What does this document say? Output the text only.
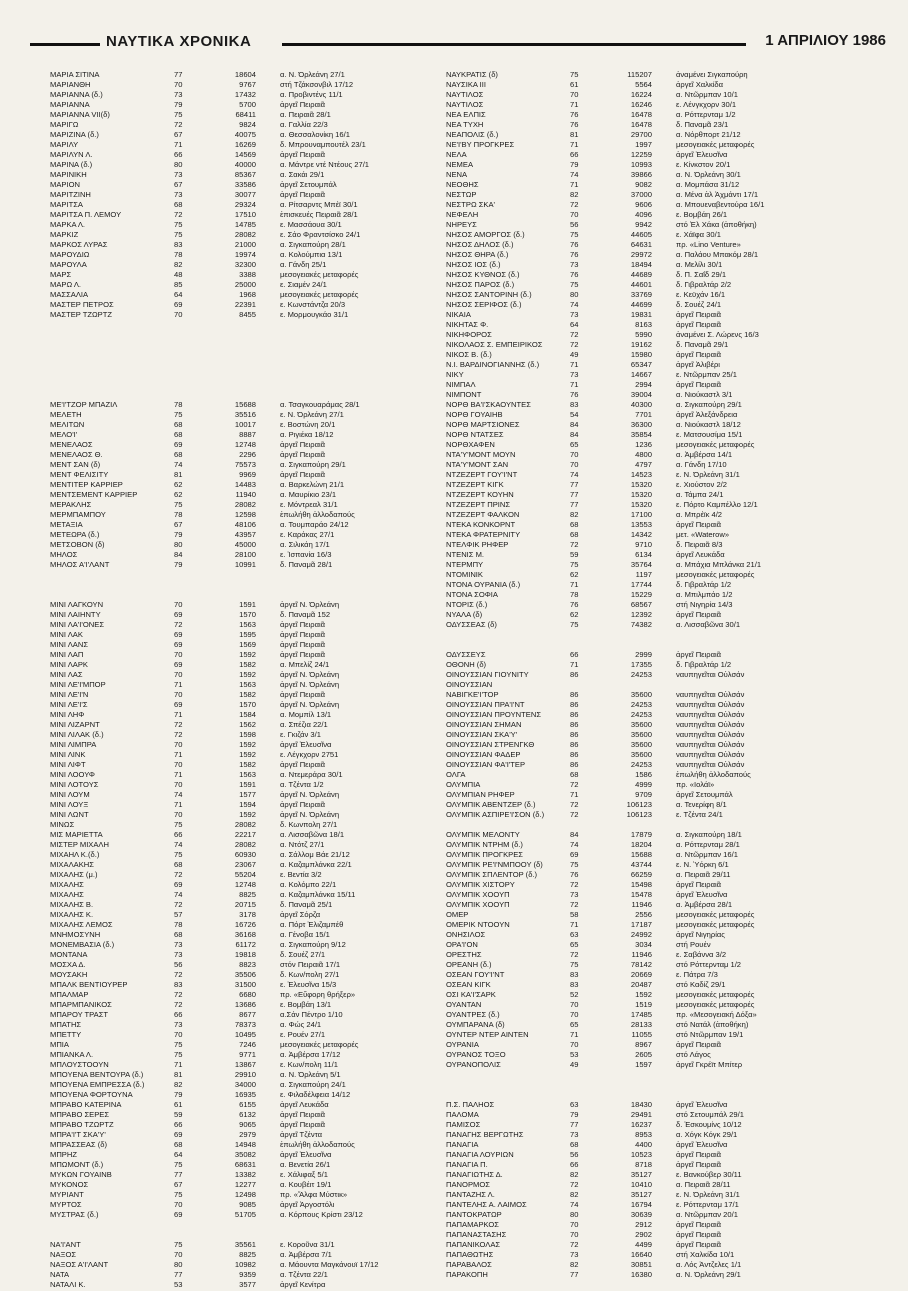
ΝΑΥΤΙΚΑ ΧΡΟΝΙΚΑ	1 ΑΠΡΙΛΙΟΥ 1986
ΜΑΡΙΑ ΣΙΤΙΝΑ	77	18604	α. Ν. Όρλεάνη 27/1
ΜΑΡΙΑΝΘΗ	70	9767	στή Τζάκσονβιλ 17/12
ΜΑΡΙΑΝΝΑ (δ.)	73	17432	α. Προβιντένς 11/1
ΜΑΡΙΑΝΝΑ	79	5700	ἀργεῖ Πειραιᾶ
ΜΑΡΙΑΝΝΑ VII(δ)	75	68411	α. Πειραιᾶ 28/1
ΜΑΡΙΓΩ	72	9824	α. Γαλλία 22/3
ΜΑΡΙΖΙΝΑ (δ.)	67	40075	α. Θεσσαλονίκη 16/1
ΜΑΡΙΛΥ	71	16269	δ. Μπρουναμπουτέλ 23/1
ΜΑΡΙΛΥΝ Λ.	66	14569	ἀργεῖ Πειραιᾶ
ΜΑΡΙΝΑ (δ.)	80	40000	α. Μάντρε ντέ Ντέους 27/1
ΜΑΡΙΝΙΚΗ	73	85367	α. Σακάι 29/1
ΜΑΡΙΟΝ	67	33586	ἀργεῖ Σετουμπάλ
ΜΑΡΙΤΖΙΝΗ	73	30077	ἀργεῖ Πειραιᾶ
ΜΑΡΙΤΣΑ	68	29324	α. Ρίτσαρντς Μπέϊ 30/1
ΜΑΡΙΤΣΑ Π. ΛΕΜΟΥ	72	17510	ἐπισκευές Πειραιᾶ 28/1
ΜΑΡΚΑ Λ.	75	14785	ε. Μασσάουα 30/1
ΜΑΡΚΙΖ	75	28082	ε. Σάο Φραντσίσκο 24/1
ΜΑΡΚΟΣ ΛΥΡΑΣ	83	21000	α. Σιγκαπούρη 28/1
ΜΑΡΟΥΔΙΩ	78	19974	α. Κολούμπια 13/1
ΜΑΡΟΥΛΑ	82	32300	α. Γάνδη 25/1
ΜΑΡΣ	48	3388	μεσογειακές μεταφορές
ΜΑΡΩ Λ.	85	25000	ε. Σιαμέν 24/1
ΜΑΣΣΑΛΙΑ	64	1968	μεσογειακές μεταφορές
ΜΑΣΤΕΡ ΠΕΤΡΟΣ	69	22391	ε. Κωνστάντζα 20/3
ΜΑΣΤΕΡ ΤΖΩΡΤΖ	70	8455	ε. Μορμουγκάο 31/1
ΜΕ'Ι'ΤΖΟΡ ΜΠΑΖΙΛ	78	15688	α. Τσαγκουαράμας 28/1
ΜΕΛΕΤΗ	75	35516	ε. Ν. Όρλεάνη 27/1
ΜΕΛΙΤΩΝ	68	10017	ε. Βοστώνη 20/1
ΜΕΛΟ'Ι'	68	8887	α. Ριγιέκα 18/12
ΜΕΝΕΛΑΟΣ	69	12748	ἀργεῖ Πειραιᾶ
ΜΕΝΕΛΑΟΣ Θ.	68	2296	ἀργεῖ Πειραιᾶ
ΜΕΝΤ ΣΑΝ (δ)	74	75573	α. Σιγκαπούρη 29/1
ΜΕΝΤ ΦΕΛΙΣΙΤΥ	81	9969	ἀργεῖ Πειραιᾶ
ΜΕΝΤΙΤΕΡ ΚΑΡΡΙΕΡ	62	14483	α. Βαρκελώνη 21/1
ΜΕΝΤΣΕΜΕΝΤ ΚΑΡΡΙΕΡ	62	11940	α. Μαυρίκιο 23/1
ΜΕΡΑΚΛΗΣ	75	28082	ε. Μόντρεαλ 31/1
ΜΕΡΜΠΑΜΠΟΥ	78	12598	ἐπωλήθη ἀλλοδαπούς
ΜΕΤΑΞΙΑ	67	48106	α. Τουμπαράο 24/12
ΜΕΤΕΩΡΑ (δ.)	79	43957	ε. Καράκας 27/1
ΜΕΤΣΟΒΟΝ (δ)	80	45000	α. Σιλικάη 17/1
ΜΗΛΟΣ	84	28100	ε. Ἰσπανία 16/3
ΜΗΛΟΣ Α'Ι'ΛΑΝΤ	79	10991	δ. Παναμᾶ 28/1
ΜΙΝΙ ΛΑΓΚΟΥΝ	70	1591	ἀργεῖ Ν. Όρλεάνη
ΜΙΝΙ ΛΑΙΗΝΤΥ	69	1570	δ. Παναμᾶ 152
ΜΙΝΙ ΛΑ'Ι'ΟΝΕΣ	72	1563	ἀργεῖ Πειραιᾶ
ΜΙΝΙ ΛΑΚ	69	1595	ἀργεῖ Πειραιᾶ
ΜΙΝΙ ΛΑΝΣ	69	1569	ἀργεῖ Πειραιᾶ
ΜΙΝΙ ΛΑΠ	70	1592	ἀργεῖ Πειραιᾶ
ΜΙΝΙ ΛΑΡΚ	69	1582	α. Μπελίζ 24/1
ΜΙΝΙ ΛΑΣ	70	1592	ἀργεῖ Ν. Όρλεάνη
ΜΙΝΙ ΛΕ'Ι'ΜΠΟΡ	71	1563	ἀργεῖ Ν. Όρλεάνη
ΜΙΝΙ ΛΕ'Ι'Ν	70	1582	ἀργεῖ Πειραιᾶ
ΜΙΝΙ ΛΕ'Ι'Σ	69	1570	ἀργεῖ Ν. Όρλεάνη
ΜΙΝΙ ΛΗΦ	71	1584	α. Μομπίλ 13/1
ΜΙΝΙ ΛΙΖΑΡΝΤ	72	1562	α. Σπέζια 22/1
ΜΙΝΙ ΛΙΛΑΚ (δ.)	72	1598	ε. Γκιζάν 3/1
ΜΙΝΙ ΛΙΜΠΡΑ	70	1592	ἀργεῖ Ἐλευσῖνα
ΜΙΝΙ ΛΙΝΚ	71	1592	ε. Λέγκχορν 2751
ΜΙΝΙ ΛΙΦΤ	70	1582	ἀργεῖ Πειραιᾶ
ΜΙΝΙ ΛΟΟΥΦ	71	1563	α. Ντεμεράρα 30/1
ΜΙΝΙ ΛΟΤΟΥΣ	70	1591	α. Τζέντα 1/2
ΜΙΝΙ ΛΟΥΜ	74	1577	ἀργεῖ Ν. Όρλεάνη
ΜΙΝΙ ΛΟΥΞ	71	1594	ἀργεῖ Πειραιᾶ
ΜΙΝΙ ΛΩΝΤ	70	1592	ἀργεῖ Ν. Όρλεάνη
ΜΙΝΩΣ	75	28082	δ. Κωνπολη 27/1
ΜΙΣ ΜΑΡΙΕΤΤΑ	66	22217	α. Λισσαβῶνα 18/1
ΜΙΣΤΕΡ ΜΙΧΑΛΗ	74	28082	α. Ντότζ 27/1
ΜΙΧΑΗΛ Κ.(δ.)	75	60930	α. Σάλλομ Βάε 21/12
ΜΙΧΑΛΑΚΗΣ	68	23067	α. Καζαμπλάνκα 22/1
ΜΙΧΑΛΗΣ (μ.)	72	55204	ε. Βεντία 3/2
ΜΙΧΑΛΗΣ	69	12748	α. Κολόμπο 22/1
ΜΙΧΑΛΗΣ	74	8825	α. Καζαμπλάνκα 15/11
ΜΙΧΑΛΗΣ Β.	72	20715	δ. Παναμᾶ 25/1
ΜΙΧΑΛΗΣ Κ.	57	3178	ἀργεῖ Σόρζα
ΜΙΧΑΛΗΣ ΛΕΜΟΣ	78	16726	α. Πόρτ Ἐλιζαμπέθ
ΜΝΗΜΟΣΥΝΗ	68	36168	α. Γένοβα 15/1
ΜΟΝΕΜΒΑΣΙΑ (δ.)	73	61172	α. Σιγκαπούρη 9/12
ΜΟΝΤΑΝΑ	73	19818	δ. Σουέζ 27/1
ΜΟΣΧΑ Δ.	56	8823	στόν Πειραιᾶ 17/1
ΜΟΥΣΑΚΗ	72	35506	δ. Κων/πολη 27/1
ΜΠΑΛΚ ΒΕΝΤΙΟΥΡΕΡ	83	31500	ε. Ἐλευσῖνα 15/3
ΜΠΑΛΜΑΡ	72	6680	πρ. «Εὔφορη θρήξερ»
ΜΠΑΡΜΠΑΝΙΚΟΣ	72	13686	ε. Βομβάη 13/1
ΜΠΑΡΟΥ ΤΡΑΣΤ	66	8677	α.Σάν Πέντρο 1/10
ΜΠΑΤΗΣ	73	78373	α. Φώς 24/1
ΜΠΕΤΤΥ	70	10495	ε. Ρουέν 27/1
ΜΠΙΑ	75	7246	μεσογειακές μεταφορές
ΜΠΙΑΝΚΑ Λ.	75	9771	α. Ἀμβέρσα 17/12
ΜΠΛΟΥΣΤΟΟΥΝ	71	13867	ε. Κων/πολη 11/1
ΜΠΟΥΕΝΑ ΒΕΝΤΟΥΡΑ (δ.)	81	29910	α. Ν. Όρλεάνη 5/1
ΜΠΟΥΕΝΑ ΕΜΠΡΕΣΣΑ (δ.)	82	34000	α. Σιγκαπούρη 24/1
ΜΠΟΥΕΝΑ ΦΟΡΤΟΥΝΑ	79	16935	ε. Φιλαδέλφεια 14/12
ΜΠΡΑΒΟ ΚΑΤΕΡΙΝΑ	61	6155	ἀργεῖ Λευκάδα
ΜΠΡΑΒΟ ΣΕΡΕΣ	59	6132	ἀργεῖ Πειραιᾶ
ΜΠΡΑΒΟ ΤΖΩΡΤΖ	66	9065	ἀργεῖ Πειραιᾶ
ΜΠΡΑ'Ι'Τ ΣΚΑ'Υ'	69	2979	ἀργεῖ Τζέντα
ΜΠΡΑΣΣΕΑΣ (δ)	68	14948	ἐπωλήθη ἀλλοδαπούς
ΜΠΡΗΖ	64	35082	ἀργεῖ Ἐλευσῖνα
ΜΠΩΜΟΝΤ (δ.)	75	68631	α. Βενετία 26/1
ΜΥΚΩΝ ΓΟΥΑΙΝΒ	77	13382	ε. Χάλιφαξ 5/1
ΜΥΚΟΝΟΣ	67	12277	α. Κουβέιτ 19/1
ΜΥΡΙΑΝΤ	75	12498	πρ. «Ἄλφα Μύστικ»
ΜΥΡΤΟΣ	70	9085	ἀργεῖ Ἀργοστόλι
ΜΥΣΤΡΑΣ (δ.)	69	51705	α. Κόρπους Κρίστι 23/12
ΝΑ'Ι'ΑΝΤ	75	35561	ε. Κοροῦνα 31/1
ΝΑΞΟΣ	70	8825	α. Ἀμβέρσα 7/1
ΝΑΞΟΣ Α'Ι'ΛΑΝΤ	80	10982	α. Μάουντα Μαγκάνουϊ 17/12
ΝΑΤΑ	77	9359	α. Τζέντα 22/1
ΝΑΤΑΛΙ Κ.	53	3577	ἀργεῖ Κενίτρα
ΝΑΥΚΡΑΤΙΣ (δ)	75	115207	ἀναμένει Σιγκαπούρη
ΝΑΥΣΙΚΑ III	61	5564	ἀργεῖ Χαλκίδα
ΝΑΥΤΙΛΟΣ	70	16224	α. Ντῶρμπαν 10/1
ΝΑΥΤΙΛΟΣ	71	16246	ε. Λένγκχορν 30/1
ΝΕΑ ΕΛΠΙΣ	76	16478	α. Ρόττερνταμ 1/2
ΝΕΑ ΤΥΧΗ	76	16478	δ. Παναμᾶ 23/1
ΝΕΑΠΟΛΙΣ (δ.)	81	29700	α. Νόρθπορτ 21/12
ΝΕ'Ι'ΒΥ ΠΡΟΓΚΡΕΣ	71	1997	μεσογειακές μεταφορές
ΝΕΛΑ	66	12259	ἀργεῖ Ἐλευσῖνα
ΝΕΜΕΑ	79	10993	ε. Κίνκστον 20/1
ΝΕΝΑ	74	39866	α. Ν. Όρλεάνη 30/1
ΝΕΟΘΗΣ	71	9082	α. Μομπάσα 31/12
ΝΕΣΤΩΡ	82	37000	α. Μένα ἀλ Ἀχμάντι 17/1
ΝΕΣΤΡΩ ΣΚΑ'	72	9606	α. Μπουεναβεντούρα 16/1
ΝΕΦΕΛΗ	70	4096	ε. Βομβάη 26/1
ΝΗΡΕΥΣ	56	9942	στό Ἐλ Χάκα (ἀποθήκη)
ΝΗΣΟΣ ΑΜΟΡΓΟΣ (δ.)	75	44605	ε. Χάϊφα 30/1
ΝΗΣΟΣ ΔΗΛΟΣ (δ.)	76	64631	πρ. «Lino Venture»
ΝΗΣΟΣ ΘΗΡΑ (δ.)	76	29972	α. Παλάου Μπακόμ 28/1
ΝΗΣΟΣ ΙΟΣ (δ.)	73	18494	α. Μελίλι 30/1
ΝΗΣΟΣ ΚΥΘΝΟΣ (δ.)	76	44689	δ. Π. Σαΐδ 29/1
ΝΗΣΟΣ ΠΑΡΟΣ (δ.)	75	44601	δ. Γιβραλτάρ 2/2
ΝΗΣΟΣ ΣΑΝΤΟΡΙΝΗ (δ.)	80	33769	ε. Κεϋχάν 16/1
ΝΗΣΟΣ ΣΕΡΙΦΟΣ (δ.)	74	44699	δ. Σουέζ 24/1
ΝΙΚΑΙΑ	73	19831	ἀργεῖ Πειραιᾶ
ΝΙΚΗΤΑΣ Φ.	64	8163	ἀργεῖ Πειραιᾶ
ΝΙΚΗΦΟΡΟΣ	72	5990	ἀναμένει Σ. Λώρενς 16/3
ΝΙΚΟΛΑΟΣ Σ. ΕΜΠΕΙΡΙΚΟΣ	72	19162	δ. Παναμᾶ 29/1
ΝΙΚΟΣ Β. (δ.)	49	15980	ἀργεῖ Πειραιᾶ
Ν.Ι. ΒΑΡΔΙΝΟΓΙΑΝΝΗΣ (δ.)	71	65347	ἀργεῖ Ἀλιβέρι
ΝΙΚΥ	73	14667	ε. Ντῶρμπαν 25/1
ΝΙΜΠΑΛ	71	2994	ἀργεῖ Πειραιᾶ
ΝΙΜΠΟΝΤ	76	39004	α. Νιούκαστλ 3/1
ΝΟΡΘ ΒΑ'Ι'ΣΚΑΟΥΝΤΕΣ	83	40300	α. Σιγκαπούρη 29/1
ΝΟΡΘ ΓΟΥΑΙΗΒ	54	7701	ἀργεῖ Ἀλεξάνδρεια
ΝΟΡΘ ΜΑΡΤΣΙΟΝΕΣ	84	36300	α. Νιούκαστλ 18/12
ΝΟΡΘ ΝΤΑΤΣΕΣ	84	35854	ε. Ματσουσίμα 15/1
ΝΟΡΘΧΑΦΕΝ	65	1236	μεσογειακές μεταφορές
ΝΤΑ'Υ'ΜΟΝΤ ΜΟΥΝ	70	4800	α. Ἀμβέρσα 14/1
ΝΤΑ'Υ'ΜΟΝΤ ΣΑΝ	70	4797	α. Γάνδη 17/10
ΝΤΖΕΖΕΡΤ ΓΟΥ'Ι'ΝΤ	74	14523	ε. Ν. Όρλεάνη 31/1
ΝΤΖΕΖΕΡΤ ΚΙΓΚ	77	15320	ε. Χιούστον 2/2
ΝΤΖΕΖΕΡΤ ΚΟΥΗΝ	77	15320	α. Τάμπα 24/1
ΝΤΖΕΖΕΡΤ ΠΡΙΝΣ	77	15320	ε. Πόρτο Καμπέλλο 12/1
ΝΤΖΕΖΕΡΤ ΦΑΛΚΟΝ	82	17100	α. Μπρέϊκ 4/2
ΝΤΕΚΑ ΚΟΝΚΟΡΝΤ	68	13553	ἀργεῖ Πειραιᾶ
ΝΤΕΚΑ ΦΡΑΤΕΡΝΙΤΥ	68	14342	μετ. «Waterow»
ΝΤΕΛΦΙΚ ΡΗΦΕΡ	72	9710	δ. Πειραιᾶ 8/3
ΝΤΕΝΙΣ Μ.	59	6134	ἀργεῖ Λευκάδα
ΝΤΕΡΜΠΥ	75	35764	α. Μπάχια Μπλάνκα 21/1
ΝΤΟΜΙΝΙΚ	62	1197	μεσογειακές μεταφορές
ΝΤΟΝΑ ΟΥΡΑΝΙΑ (δ.)	71	17744	δ. Γιβραλτάρ 1/2
ΝΤΟΝΑ ΣΟΦΙΑ	78	15229	α. Μπιλμπάο 1/2
ΝΤΟΡΙΣ (δ.)	76	68567	στή Νιγηρία 14/3
ΝΥΑΛΑ (δ)	62	12392	ἀργεῖ Πειραιᾶ
ΟΔΥΣΣΕΑΣ (δ)	75	74382	α. Λισσαβῶνα 30/1
ΟΔΥΣΣΕΥΣ	66	2999	ἀργεῖ Πειραιᾶ
ΟΘΟΝΗ (δ)	71	17355	δ. Γιβραλτάρ 1/2
ΟΙΝΟΥΣΣΙΑΝ ΓΙΟΥΝΙΤΥ	86	24253	ναυπηγεῖται Οὐλσάν
ΟΙΝΟΥΣΣΙΑΝ
ΝΑΒΙΓΚΕ'Ι'ΤΟΡ	86	35600	ναυπηγεῖται Οὐλσάν
ΟΙΝΟΥΣΣΙΑΝ ΠΡΑ'Ι'ΝΤ	86	24253	ναυπηγεῖται Οὐλσάν
ΟΙΝΟΥΣΣΙΑΝ ΠΡΟΥΝΤΕΝΣ	86	24253	ναυπηγεῖται Οὐλσάν
ΟΙΝΟΥΣΣΙΑΝ ΣΗΜΑΝ	86	35600	ναυπηγεῖται Οὐλσάν
ΟΙΝΟΥΣΣΙΑΝ ΣΚΑ'Υ'	86	35600	ναυπηγεῖται Οὐλσάν
ΟΙΝΟΥΣΣΙΑΝ ΣΤΡΕΝΓΚΘ	86	35600	ναυπηγεῖται Οὐλσάν
ΟΙΝΟΥΣΣΙΑΝ ΦΑΔΕΡ	86	35600	ναυπηγεῖται Οὐλσάν
ΟΙΝΟΥΣΣΙΑΝ ΦΑ'Ι'ΤΕΡ	86	24253	ναυπηγεῖται Οὐλσάν
ΟΛΓΑ	68	1586	ἐπωλήθη ἀλλοδαπούς
ΟΛΥΜΠΙΑ	72	4999	πρ. «Ιολάϊ»
ΟΛΥΜΠΙΑΝ ΡΗΦΕΡ	71	9709	ἀργεῖ Σετουμπάλ
ΟΛΥΜΠΙΚ ΑΒΕΝΤΖΕΡ (δ.)	72	106123	α. Τενερίφη 8/1
ΟΛΥΜΠΙΚ ΑΣΠΙΡΕ'Ι'ΣΟΝ (δ.)	72	106123	ε. Τζέντα 24/1
ΟΛΥΜΠΙΚ ΜΕΛΟΝΤΥ	84	17879	α. Σιγκαπούρη 18/1
ΟΛΥΜΠΙΚ ΝΤΡΗΜ (δ.)	74	18204	α. Ρόττερνταμ 28/1
ΟΛΥΜΠΙΚ ΠΡΟΓΚΡΕΣ	69	15688	α. Ντῶρμπαν 16/1
ΟΛΥΜΠΙΚ ΡΕ'Ι'ΝΜΠΟΟΥ (δ)	75	43744	ε. Ν. Ὑόρκη 6/1
ΟΛΥΜΠΙΚ ΣΠΛΕΝΤΟΡ (δ.)	76	66259	α. Πειραιᾶ 29/11
ΟΛΥΜΠΙΚ ΧΙΣΤΟΡΥ	72	15498	ἀργεῖ Πειραιᾶ
ΟΛΥΜΠΙΚ ΧΟΟΥΠ	73	15478	ἀργεῖ Ἐλευσῖνα
ΟΛΥΜΠΙΚ ΧΟΟΥΠ	72	11946	α. Ἀμβέρσα 28/1
ΟΜΕΡ	58	2556	μεσογειακές μεταφορές
ΟΜΕΡΙΚ ΝΤΟΟΥΝ	71	17187	μεσογειακές μεταφορές
ΟΝΗΣΙΛΟΣ	63	24992	ἀργεῖ Νιγηρίας
ΟΡΑ'Ι'ΟΝ	65	3034	στή Ρουέν
ΟΡΕΣΤΗΣ	72	11946	ε. Σαβάννα 3/2
ΟΡΕΑΝΗ (δ.)	75	78142	στό Ρόττερνταμ 1/2
ΟΣΕΑΝ ΓΟΥ'Ι'ΝΤ	83	20669	ε. Πάτρα 7/3
ΟΣΕΑΝ ΚΙΓΚ	83	20487	στό Καδίζ 29/1
ΟΣΙ ΚΑ'Ι'ΣΑΡΚ	52	1592	μεσογειακές μεταφορές
ΟΥΑΝΤΑΝ	70	1519	μεσογειακές μεταφορές
ΟΥΑΝΤΡΕΣ (δ.)	70	17485	πρ. «Μεσογειακή Δόξα»
ΟΥΜΠΑΡΑΝΑ (δ)	65	28133	στό Νατάλ (ἀποθήκη)
ΟΥΝΤΕΡ ΝΤΕΡ ΑΙΝΤΕΝ	71	11055	στό Ντῶρμπαν 19/1
ΟΥΡΑΝΙΑ	70	8967	ἀργεῖ Πειραιᾶ
ΟΥΡΑΝΟΣ ΤΟΞΟ	53	2605	στό Λάγος
ΟΥΡΑΝΟΠΟΛΙΣ	49	1597	ἀργεῖ Γκρέϊτ Μπίτερ
Π.Σ. ΠΑΛΗΟΣ	63	18430	ἀργεῖ Ἐλευσῖνα
ΠΑΛΟΜΑ	79	29491	στό Σετουμπάλ 29/1
ΠΑΜΙΣΟΣ	77	16237	δ. Ἐσκουμίνς 10/12
ΠΑΝΑΓΗΣ ΒΕΡΓΩΤΗΣ	73	8953	α. Χόγκ Κόγκ 29/1
ΠΑΝΑΓΙΑ	68	4400	ἀργεῖ Ἐλευσῖνα
ΠΑΝΑΓΙΑ ΛΟΥΡΙΩΝ	56	10523	ἀργεῖ Πειραιᾶ
ΠΑΝΑΓΙΑ Π.	66	8718	ἀργεῖ Πειραιᾶ
ΠΑΝΑΓΙΩΤΗΣ Δ.	82	35127	ε. Βανκούβερ 30/11
ΠΑΝΟΡΜΟΣ	72	10410	α. Πειραιᾶ 28/11
ΠΑΝΤΑΖΗΣ Λ.	82	35127	ε. Ν. Όρλεάνη 31/1
ΠΑΝΤΕΛΗΣ Α. ΛΑΙΜΟΣ	74	16794	ε. Ρόττερνταμ 17/1
ΠΑΝΤΟΚΡΑΤΩΡ	80	30639	α. Ντῶρμπαν 20/1
ΠΑΠΑΜΑΡΚΟΣ	70	2912	ἀργεῖ Πειραιᾶ
ΠΑΠΑΝΑΣΤΑΣΗΣ	70	2902	ἀργεῖ Πειραιᾶ
ΠΑΠΑΝΙΚΟΛΑΣ	72	4499	ἀργεῖ Πειραιᾶ
ΠΑΠΑΘΩΤΗΣ	73	16640	στή Χαλκίδα 10/1
ΠΑΡΑΒΑΛΟΣ	82	30851	α. Λός Ἀντζελες 1/1
ΠΑΡΑΚΟΠΗ	77	16380	α. Ν. Όρλεάνη 29/1
